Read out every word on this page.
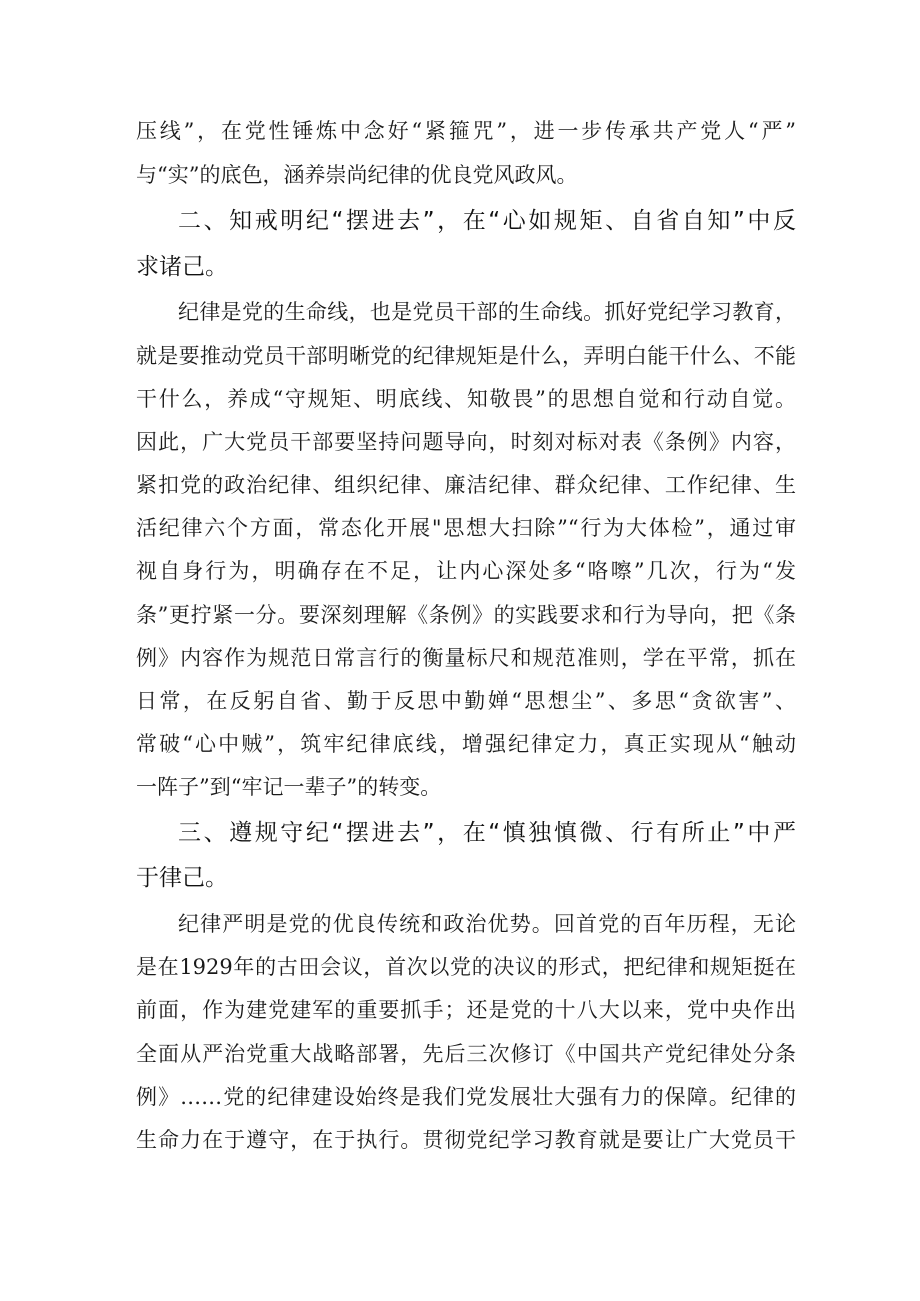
压线”，在党性锤炼中念好“紧箍咒”，进一步传承共产党人“严”
与“实”的底色，涵养崇尚纪律的优良党风政风。
二、知戒明纪“摆进去”，在“心如规矩、自省自知”中反
求诸己。
纪律是党的生命线，也是党员干部的生命线。抓好党纪学习教育，
就是要推动党员干部明晰党的纪律规矩是什么，弄明白能干什么、不能
干什么，养成“守规矩、明底线、知敬畏”的思想自觉和行动自觉。
因此，广大党员干部要坚持问题导向，时刻对标对表《条例》内容，
紧扣党的政治纪律、组织纪律、廉洁纪律、群众纪律、工作纪律、生
活纪律六个方面，常态化开展"思想大扫除”“行为大体检”，通过审
视自身行为，明确存在不足，让内心深处多“咯嚓”几次，行为“发
条”更拧紧一分。要深刻理解《条例》的实践要求和行为导向，把《条
例》内容作为规范日常言行的衡量标尺和规范准则，学在平常，抓在
日常，在反躬自省、勤于反思中勤婵“思想尘”、多思“贪欲害”、
常破“心中贼”，筑牢纪律底线，增强纪律定力，真正实现从“触动
一阵子”到“牢记一辈子”的转变。
三、遵规守纪“摆进去”，在“慎独慎微、行有所止”中严
于律己。
纪律严明是党的优良传统和政治优势。回首党的百年历程，无论
是在1929年的古田会议，首次以党的决议的形式，把纪律和规矩挺在
前面，作为建党建军的重要抓手；还是党的十八大以来，党中央作出
全面从严治党重大战略部署，先后三次修订《中国共产党纪律处分条
例》……党的纪律建设始终是我们党发展壮大强有力的保障。纪律的
生命力在于遵守，在于执行。贯彻党纪学习教育就是要让广大党员干
